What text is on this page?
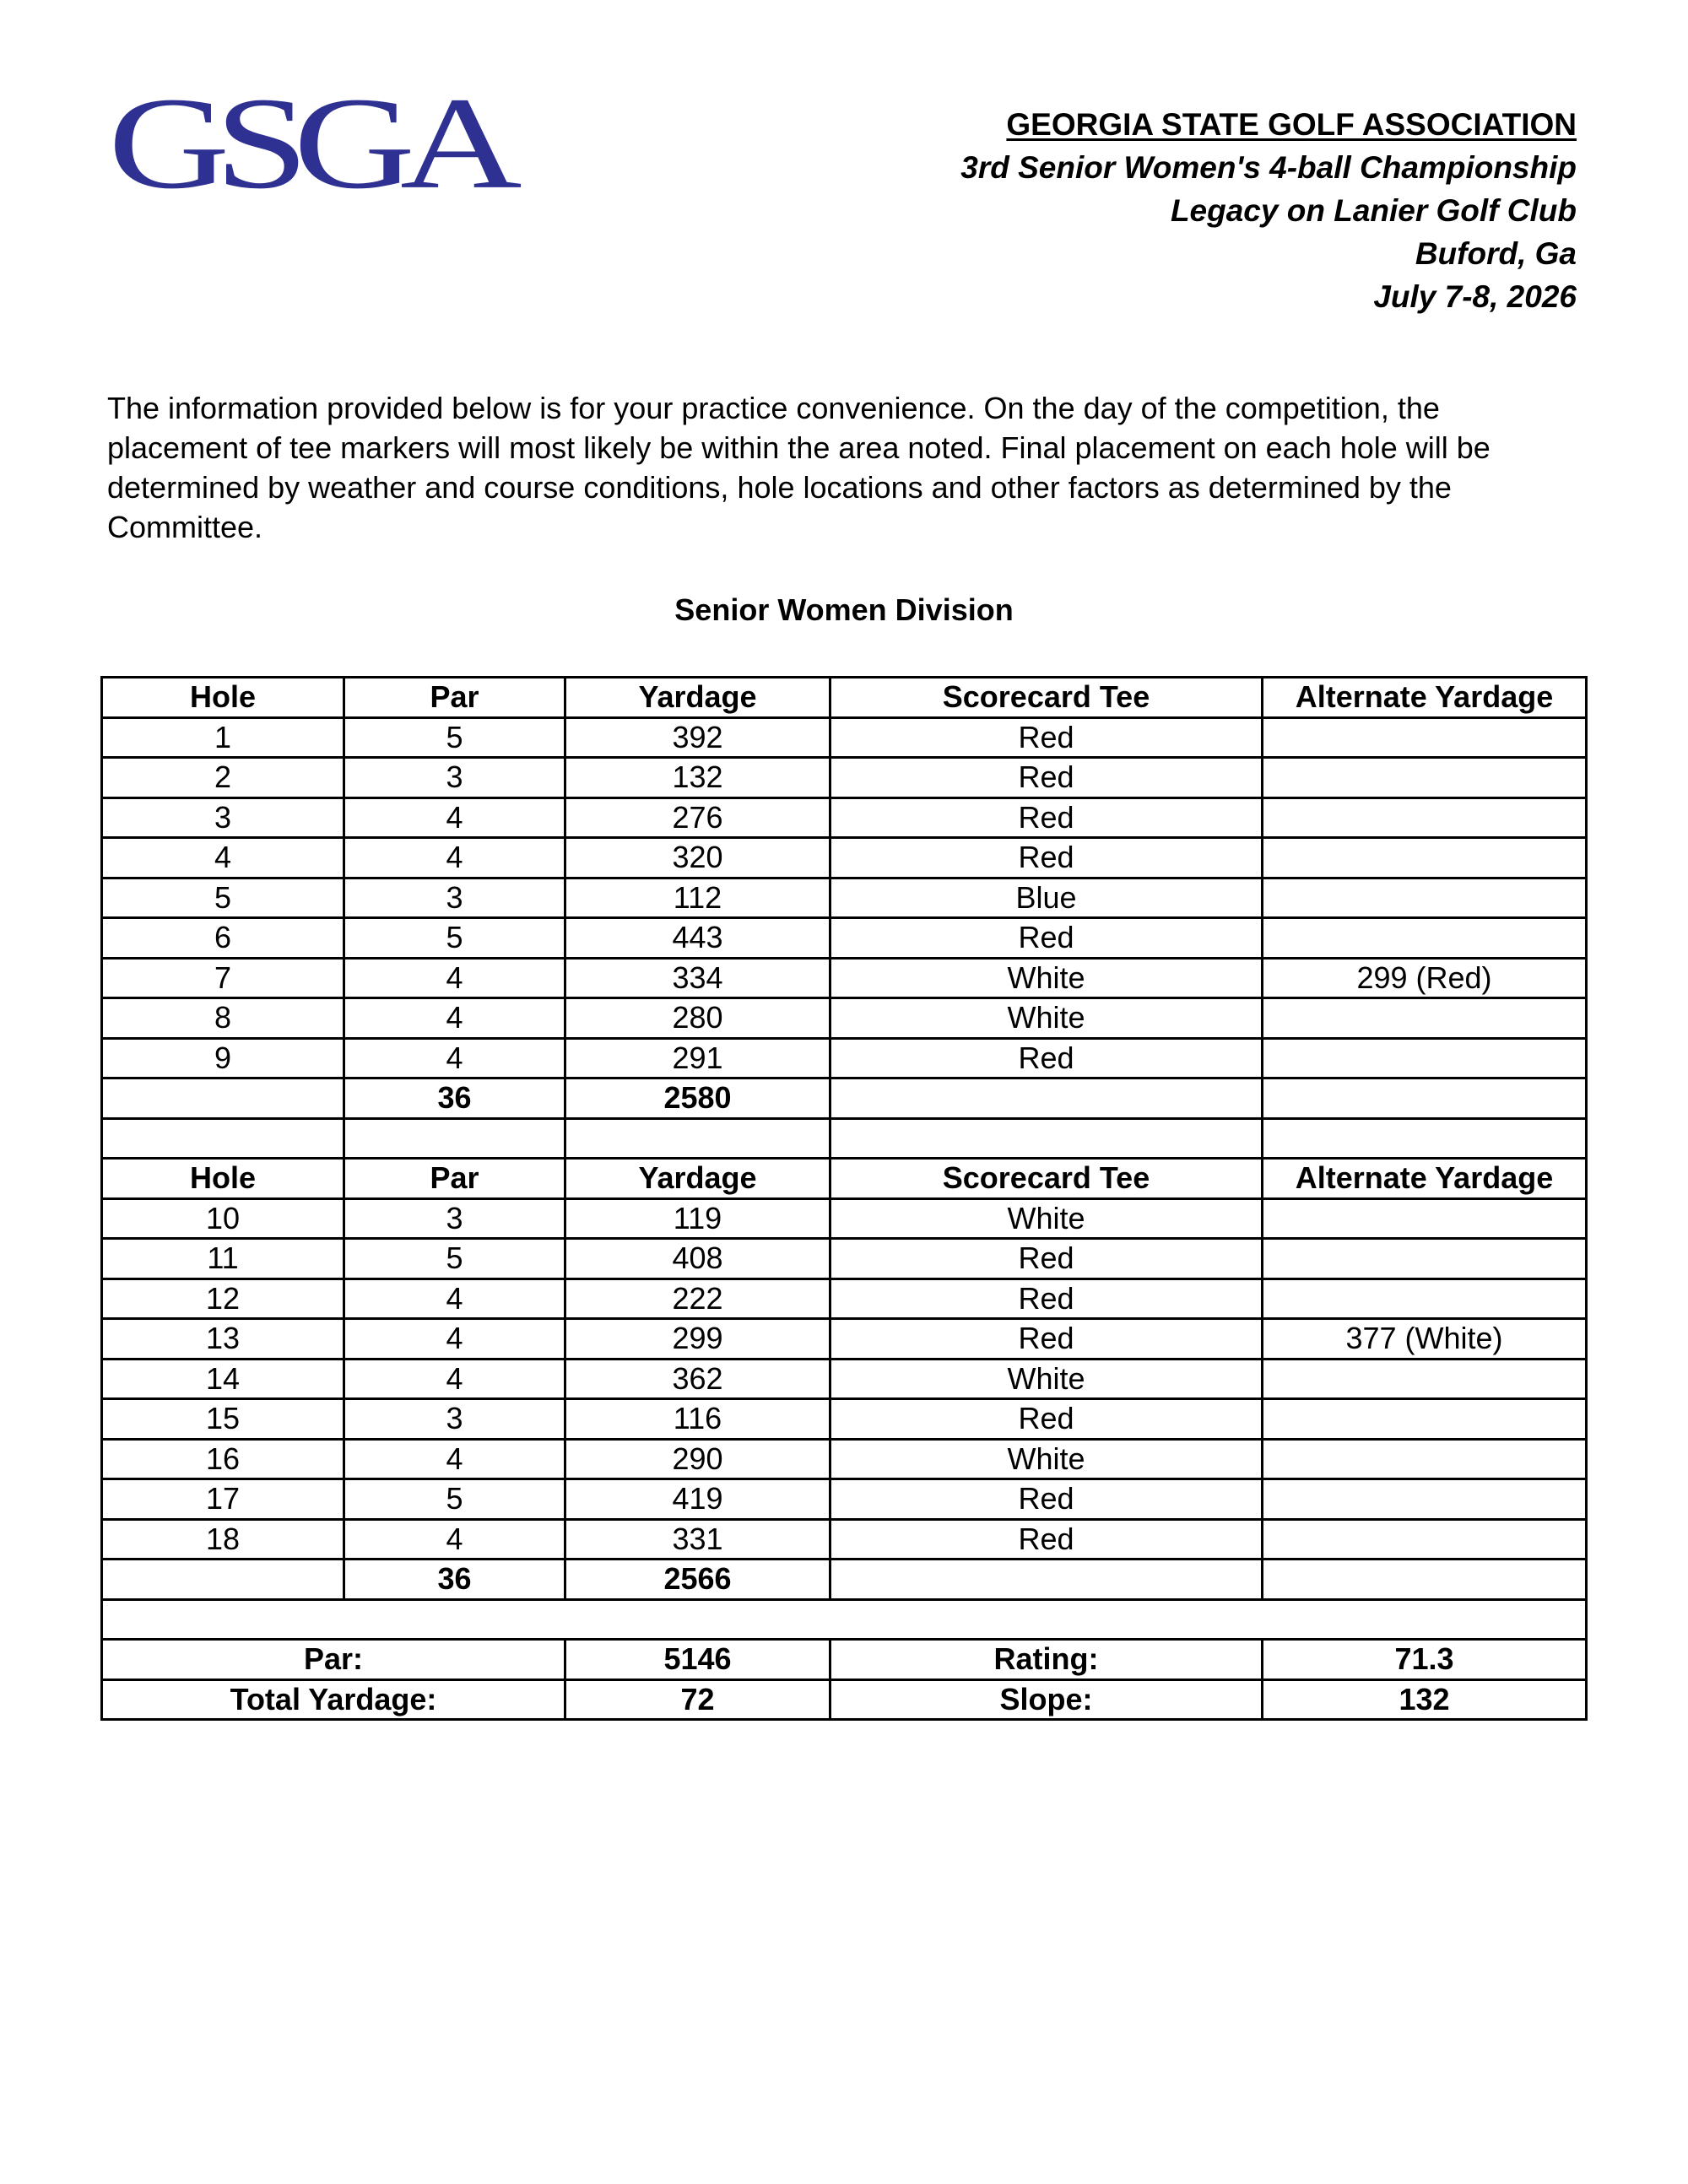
GSGA	GEORGIA STATE GOLF ASSOCIATION
3rd Senior Women's 4-ball Championship
Legacy on Lanier Golf Club
Buford, Ga
July 7-8, 2026
The information provided below is for your practice convenience. On the day of the competition, the placement of tee markers will most likely be within the area noted. Final placement on each hole will be determined by weather and course conditions, hole locations and other factors as determined by the Committee.
Senior Women Division
Hole	Par	Yardage	Scorecard Tee	Alternate Yardage
1	5	392	Red	
2	3	132	Red	
3	4	276	Red	
4	4	320	Red	
5	3	112	Blue	
6	5	443	Red	
7	4	334	White	299 (Red)
8	4	280	White	
9	4	291	Red	
	36	2580		

Hole	Par	Yardage	Scorecard Tee	Alternate Yardage
10	3	119	White	
11	5	408	Red	
12	4	222	Red	
13	4	299	Red	377 (White)
14	4	362	White	
15	3	116	Red	
16	4	290	White	
17	5	419	Red	
18	4	331	Red	
	36	2566		

Par:		5146	Rating:	71.3
Total Yardage:		72	Slope:	132
